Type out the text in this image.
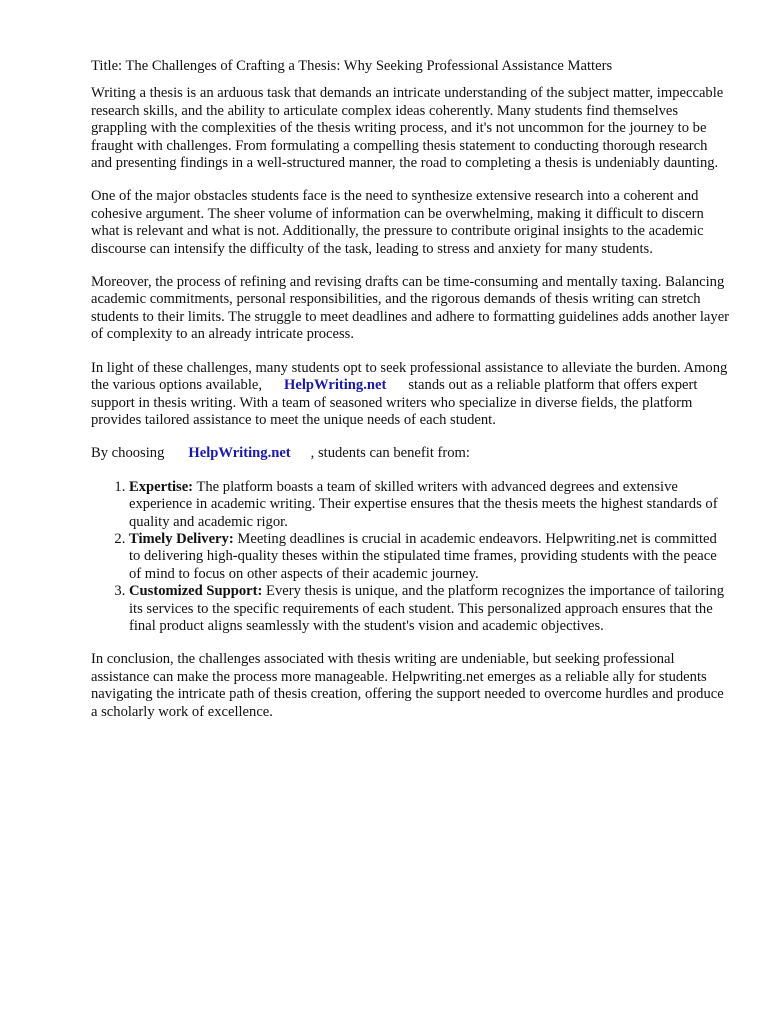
Title: The Challenges of Crafting a Thesis: Why Seeking Professional Assistance Matters

Writing a thesis is an arduous task that demands an intricate understanding of the subject matter, impeccable research skills, and the ability to articulate complex ideas coherently. Many students find themselves grappling with the complexities of the thesis writing process, and it's not uncommon for the journey to be fraught with challenges. From formulating a compelling thesis statement to conducting thorough research and presenting findings in a well-structured manner, the road to completing a thesis is undeniably daunting.

One of the major obstacles students face is the need to synthesize extensive research into a coherent and cohesive argument. The sheer volume of information can be overwhelming, making it difficult to discern what is relevant and what is not. Additionally, the pressure to contribute original insights to the academic discourse can intensify the difficulty of the task, leading to stress and anxiety for many students.

Moreover, the process of refining and revising drafts can be time-consuming and mentally taxing. Balancing academic commitments, personal responsibilities, and the rigorous demands of thesis writing can stretch students to their limits. The struggle to meet deadlines and adhere to formatting guidelines adds another layer of complexity to an already intricate process.

In light of these challenges, many students opt to seek professional assistance to alleviate the burden. Among the various options available, HelpWriting.net stands out as a reliable platform that offers expert support in thesis writing. With a team of seasoned writers who specialize in diverse fields, the platform provides tailored assistance to meet the unique needs of each student.

By choosing HelpWriting.net , students can benefit from:

1. Expertise: The platform boasts a team of skilled writers with advanced degrees and extensive experience in academic writing. Their expertise ensures that the thesis meets the highest standards of quality and academic rigor.
2. Timely Delivery: Meeting deadlines is crucial in academic endeavors. Helpwriting.net is committed to delivering high-quality theses within the stipulated time frames, providing students with the peace of mind to focus on other aspects of their academic journey.
3. Customized Support: Every thesis is unique, and the platform recognizes the importance of tailoring its services to the specific requirements of each student. This personalized approach ensures that the final product aligns seamlessly with the student's vision and academic objectives.

In conclusion, the challenges associated with thesis writing are undeniable, but seeking professional assistance can make the process more manageable. Helpwriting.net emerges as a reliable ally for students navigating the intricate path of thesis creation, offering the support needed to overcome hurdles and produce a scholarly work of excellence.
